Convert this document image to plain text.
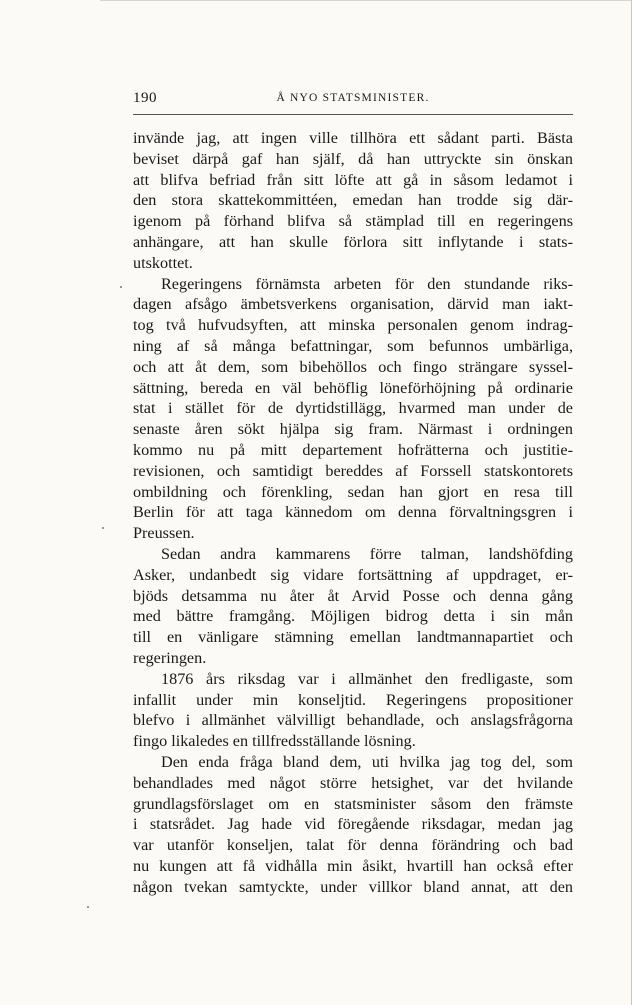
190	Å NYO STATSMINISTER.
invände jag, att ingen ville tillhöra ett sådant parti. Bästa
beviset därpå gaf han själf, då han uttryckte sin önskan
att blifva befriad från sitt löfte att gå in såsom ledamot i
den stora skattekommittéen, emedan han trodde sig där-
igenom på förhand blifva så stämplad till en regeringens
anhängare, att han skulle förlora sitt inflytande i stats-
utskottet.
Regeringens förnämsta arbeten för den stundande riks-
dagen afsågo ämbetsverkens organisation, därvid man iakt-
tog två hufvudsyften, att minska personalen genom indrag-
ning af så många befattningar, som befunnos umbärliga,
och att åt dem, som bibehöllos och fingo strängare syssel-
sättning, bereda en väl behöflig löneförhöjning på ordinarie
stat i stället för de dyrtidstillägg, hvarmed man under de
senaste åren sökt hjälpa sig fram. Närmast i ordningen
kommo nu på mitt departement hofrätterna och justitie-
revisionen, och samtidigt bereddes af Forssell statskontorets
ombildning och förenkling, sedan han gjort en resa till
Berlin för att taga kännedom om denna förvaltningsgren i
Preussen.
Sedan andra kammarens förre talman, landshöfding
Asker, undanbedt sig vidare fortsättning af uppdraget, er-
bjöds detsamma nu åter åt Arvid Posse och denna gång
med bättre framgång. Möjligen bidrog detta i sin mån
till en vänligare stämning emellan landtmannapartiet och
regeringen.
1876 års riksdag var i allmänhet den fredligaste, som
infallit under min konseljtid. Regeringens propositioner
blefvo i allmänhet välvilligt behandlade, och anslagsfrågorna
fingo likaledes en tillfredsställande lösning.
Den enda fråga bland dem, uti hvilka jag tog del, som
behandlades med något större hetsighet, var det hvilande
grundlagsförslaget om en statsminister såsom den främste
i statsrådet. Jag hade vid föregående riksdagar, medan jag
var utanför konseljen, talat för denna förändring och bad
nu kungen att få vidhålla min åsikt, hvartill han också efter
någon tvekan samtyckte, under villkor bland annat, att den
